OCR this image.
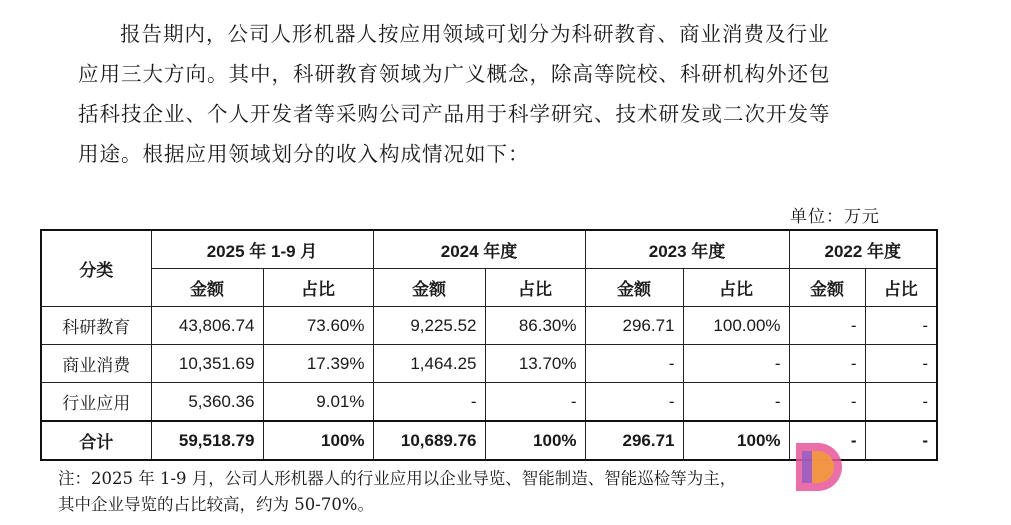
报告期内，公司人形机器人按应用领域可划分为科研教育、商业消费及行业
应用三大方向。其中，科研教育领域为广义概念，除高等院校、科研机构外还包
括科技企业、个人开发者等采购公司产品用于科学研究、技术研发或二次开发等
用途。根据应用领域划分的收入构成情况如下：
单位：万元
分类	2025 年 1-9 月		2024 年度		2023 年度		2022 年度	
	金额	占比	金额	占比	金额	占比	金额	占比
科研教育	43,806.74	73.60%	9,225.52	86.30%	296.71	100.00%	-	-
商业消费	10,351.69	17.39%	1,464.25	13.70%	-	-	-	-
行业应用	5,360.36	9.01%	-	-	-	-	-	-
合计	59,518.79	100%	10,689.76	100%	296.71	100%	-	-
注：2025 年 1-9 月，公司人形机器人的行业应用以企业导览、智能制造、智能巡检等为主，
其中企业导览的占比较高，约为 50-70%。
